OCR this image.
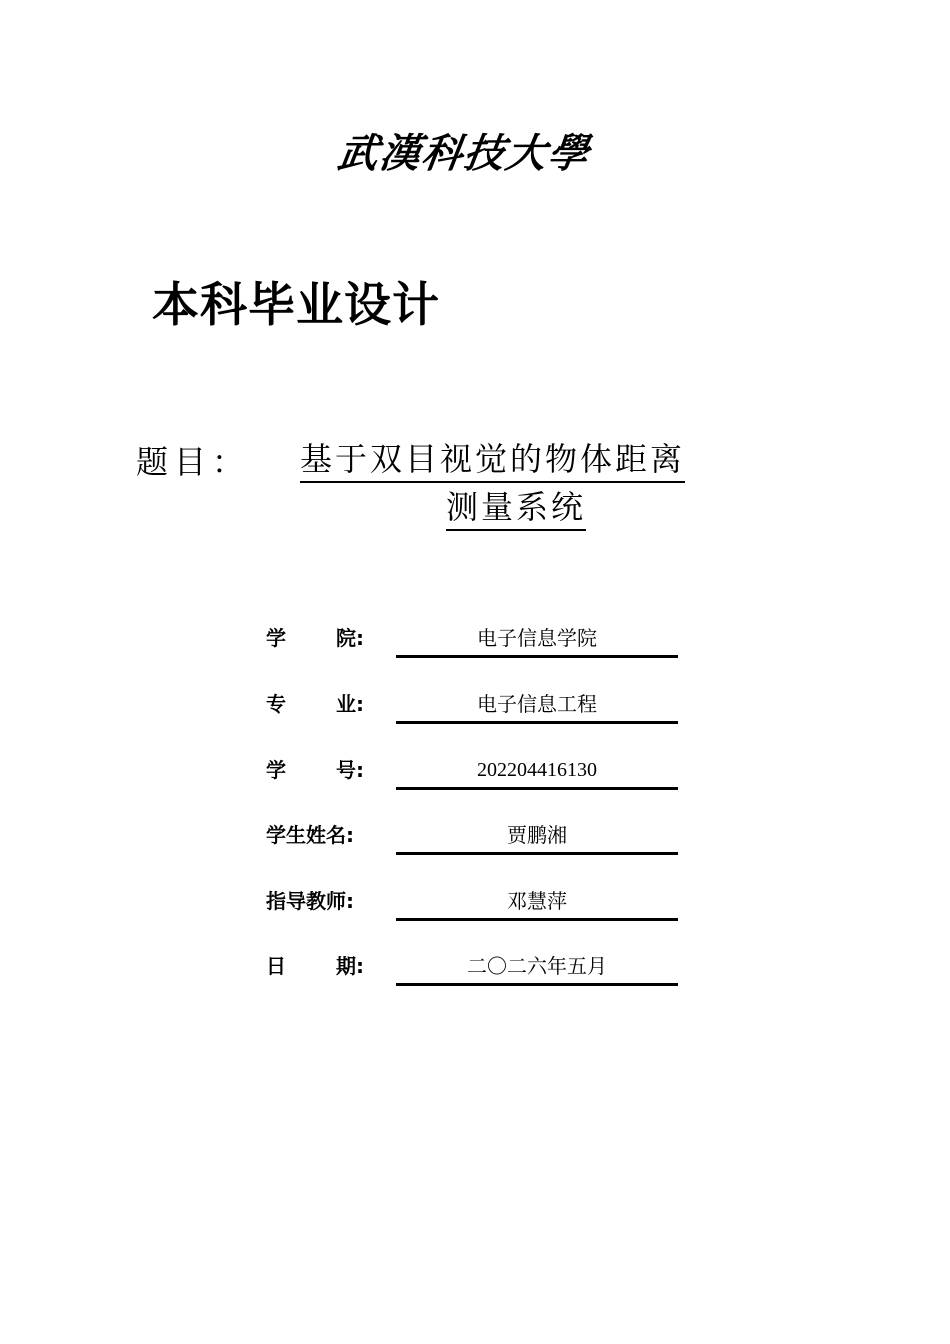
武漢科技大學
本科毕业设计
题目： 基于双目视觉的物体距离
测量系统
学	院:	电子信息学院
专	业:	电子信息工程
学	号:	202204416130
学生姓名:	贾鹏湘
指导教师:	邓慧萍
日	期:	二〇二六年五月
